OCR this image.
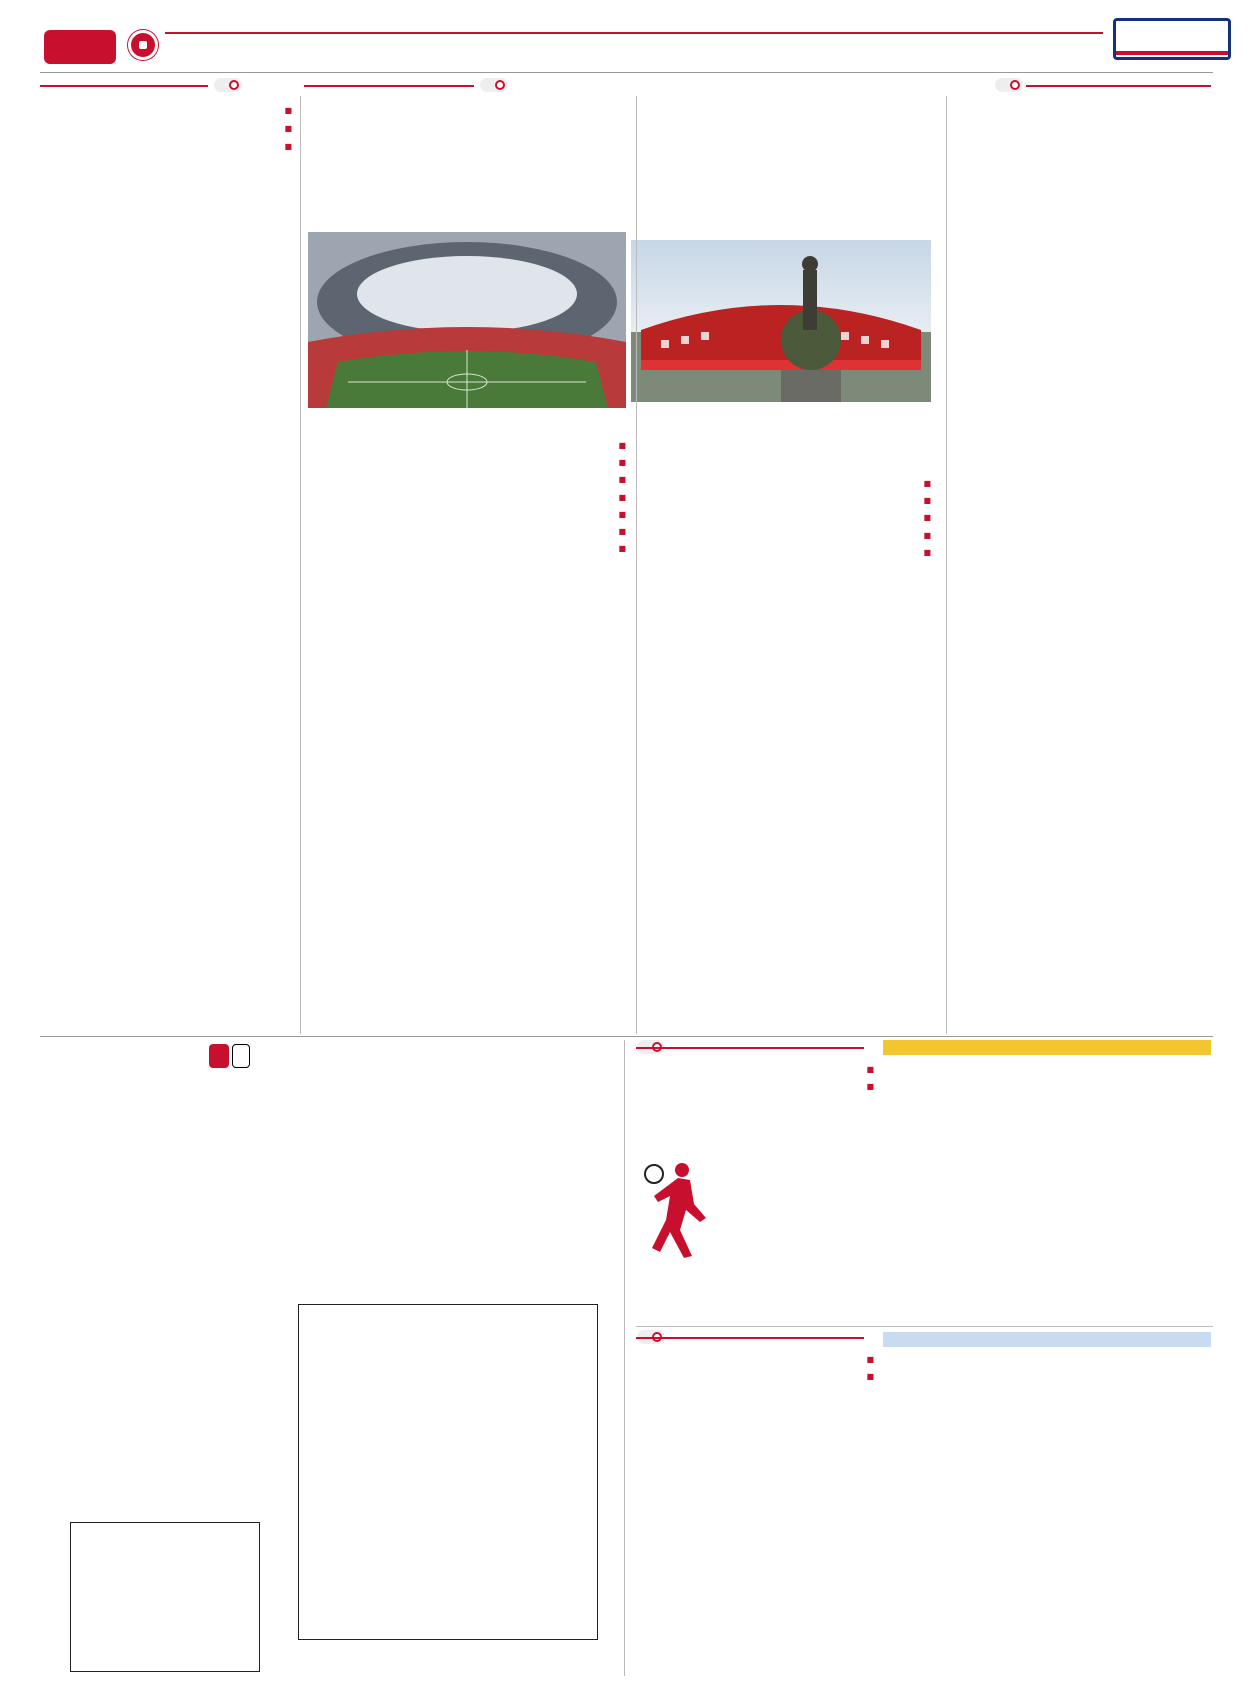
■

■

■

■

■

■

■

■

■

■

■

■

■

■

■

■
■

■

■
